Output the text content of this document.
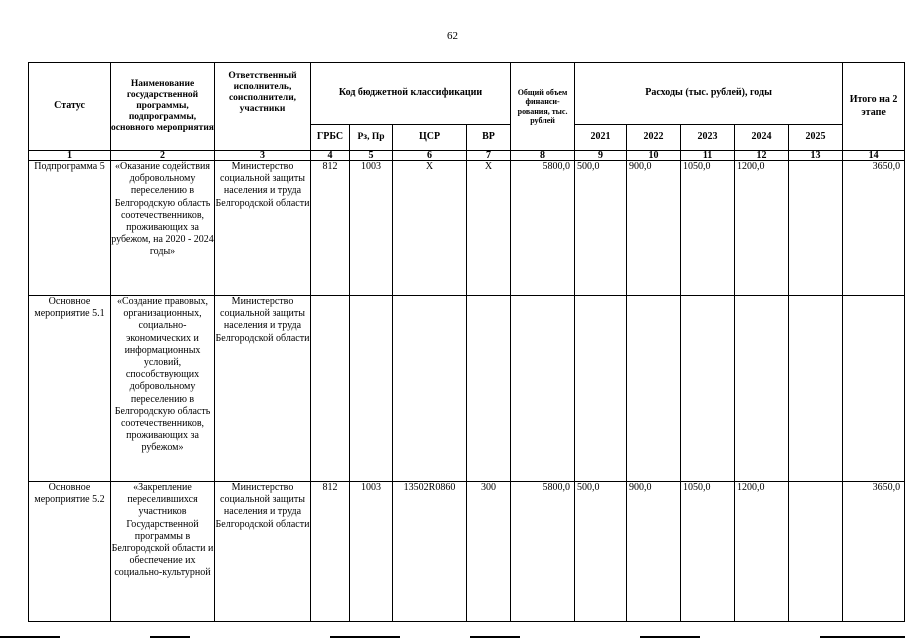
62
Статус	Наименование государственной программы, подпрограммы, основного мероприятия	Ответственный исполнитель, соисполнители, участники	Код бюджетной классификации				Общий объем финанси-рования, тыс. рублей	Расходы (тыс. рублей), годы					Итого на 2 этапе
			ГРБС	Рз, Пр	ЦСР	ВР		2021	2022	2023	2024	2025	
1	2	3	4	5	6	7	8	9	10	11	12	13	14
Подпрограмма 5	«Оказание содействия добровольному переселению в Белгородскую область соотечественников, проживающих за рубежом, на 2020 - 2024 годы»	Министерство социальной защиты населения и труда Белгородской области	812	1003	X	X	5800,0	500,0	900,0	1050,0	1200,0		3650,0
Основное мероприятие 5.1	«Создание правовых, организационных, социально-экономических и информационных условий, способствующих добровольному переселению в Белгородскую область соотечественников, проживающих за рубежом»	Министерство социальной защиты населения и труда Белгородской области											
Основное мероприятие 5.2	«Закрепление переселившихся участников Государственной программы в Белгородской области и обеспечение их социально-культурной	Министерство социальной защиты населения и труда Белгородской области	812	1003	13502R0860	300	5800,0	500,0	900,0	1050,0	1200,0		3650,0
